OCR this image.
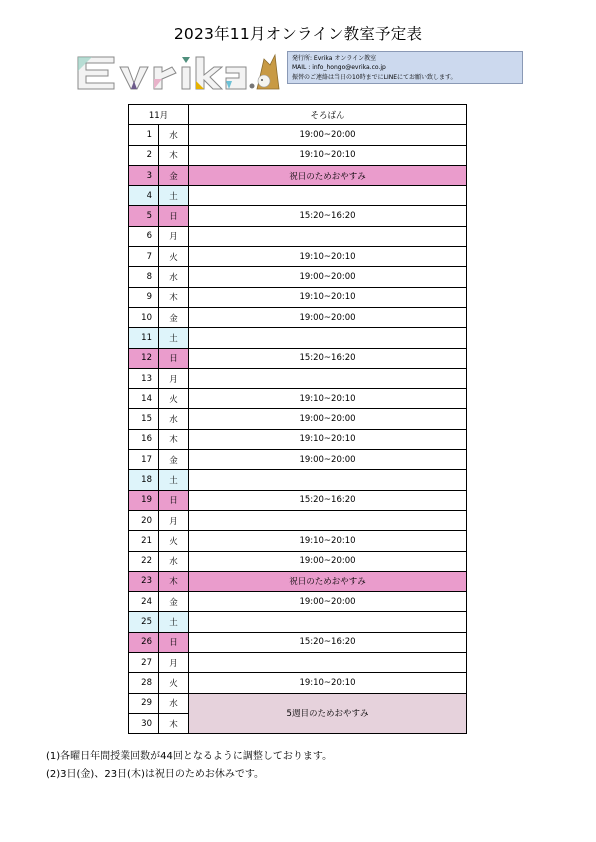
2023年11月オンライン教室予定表
発行所: Evrika オンライン教室
MAIL : info_hongo@evrika.co.jp
振替のご連絡は当日の10時までにLINEにてお願い致します。
11月		そろばん
1	水	19:00~20:00
2	木	19:10~20:10
3	金	祝日のためおやすみ
4	土	
5	日	15:20~16:20
6	月	
7	火	19:10~20:10
8	水	19:00~20:00
9	木	19:10~20:10
10	金	19:00~20:00
11	土	
12	日	15:20~16:20
13	月	
14	火	19:10~20:10
15	水	19:00~20:00
16	木	19:10~20:10
17	金	19:00~20:00
18	土	
19	日	15:20~16:20
20	月	
21	火	19:10~20:10
22	水	19:00~20:00
23	木	祝日のためおやすみ
24	金	19:00~20:00
25	土	
26	日	15:20~16:20
27	月	
28	火	19:10~20:10
29	水	5週目のためおやすみ
30	木	
(1)各曜日年間授業回数が44回となるように調整しております。
(2)3日(金)、23日(木)は祝日のためお休みです。
